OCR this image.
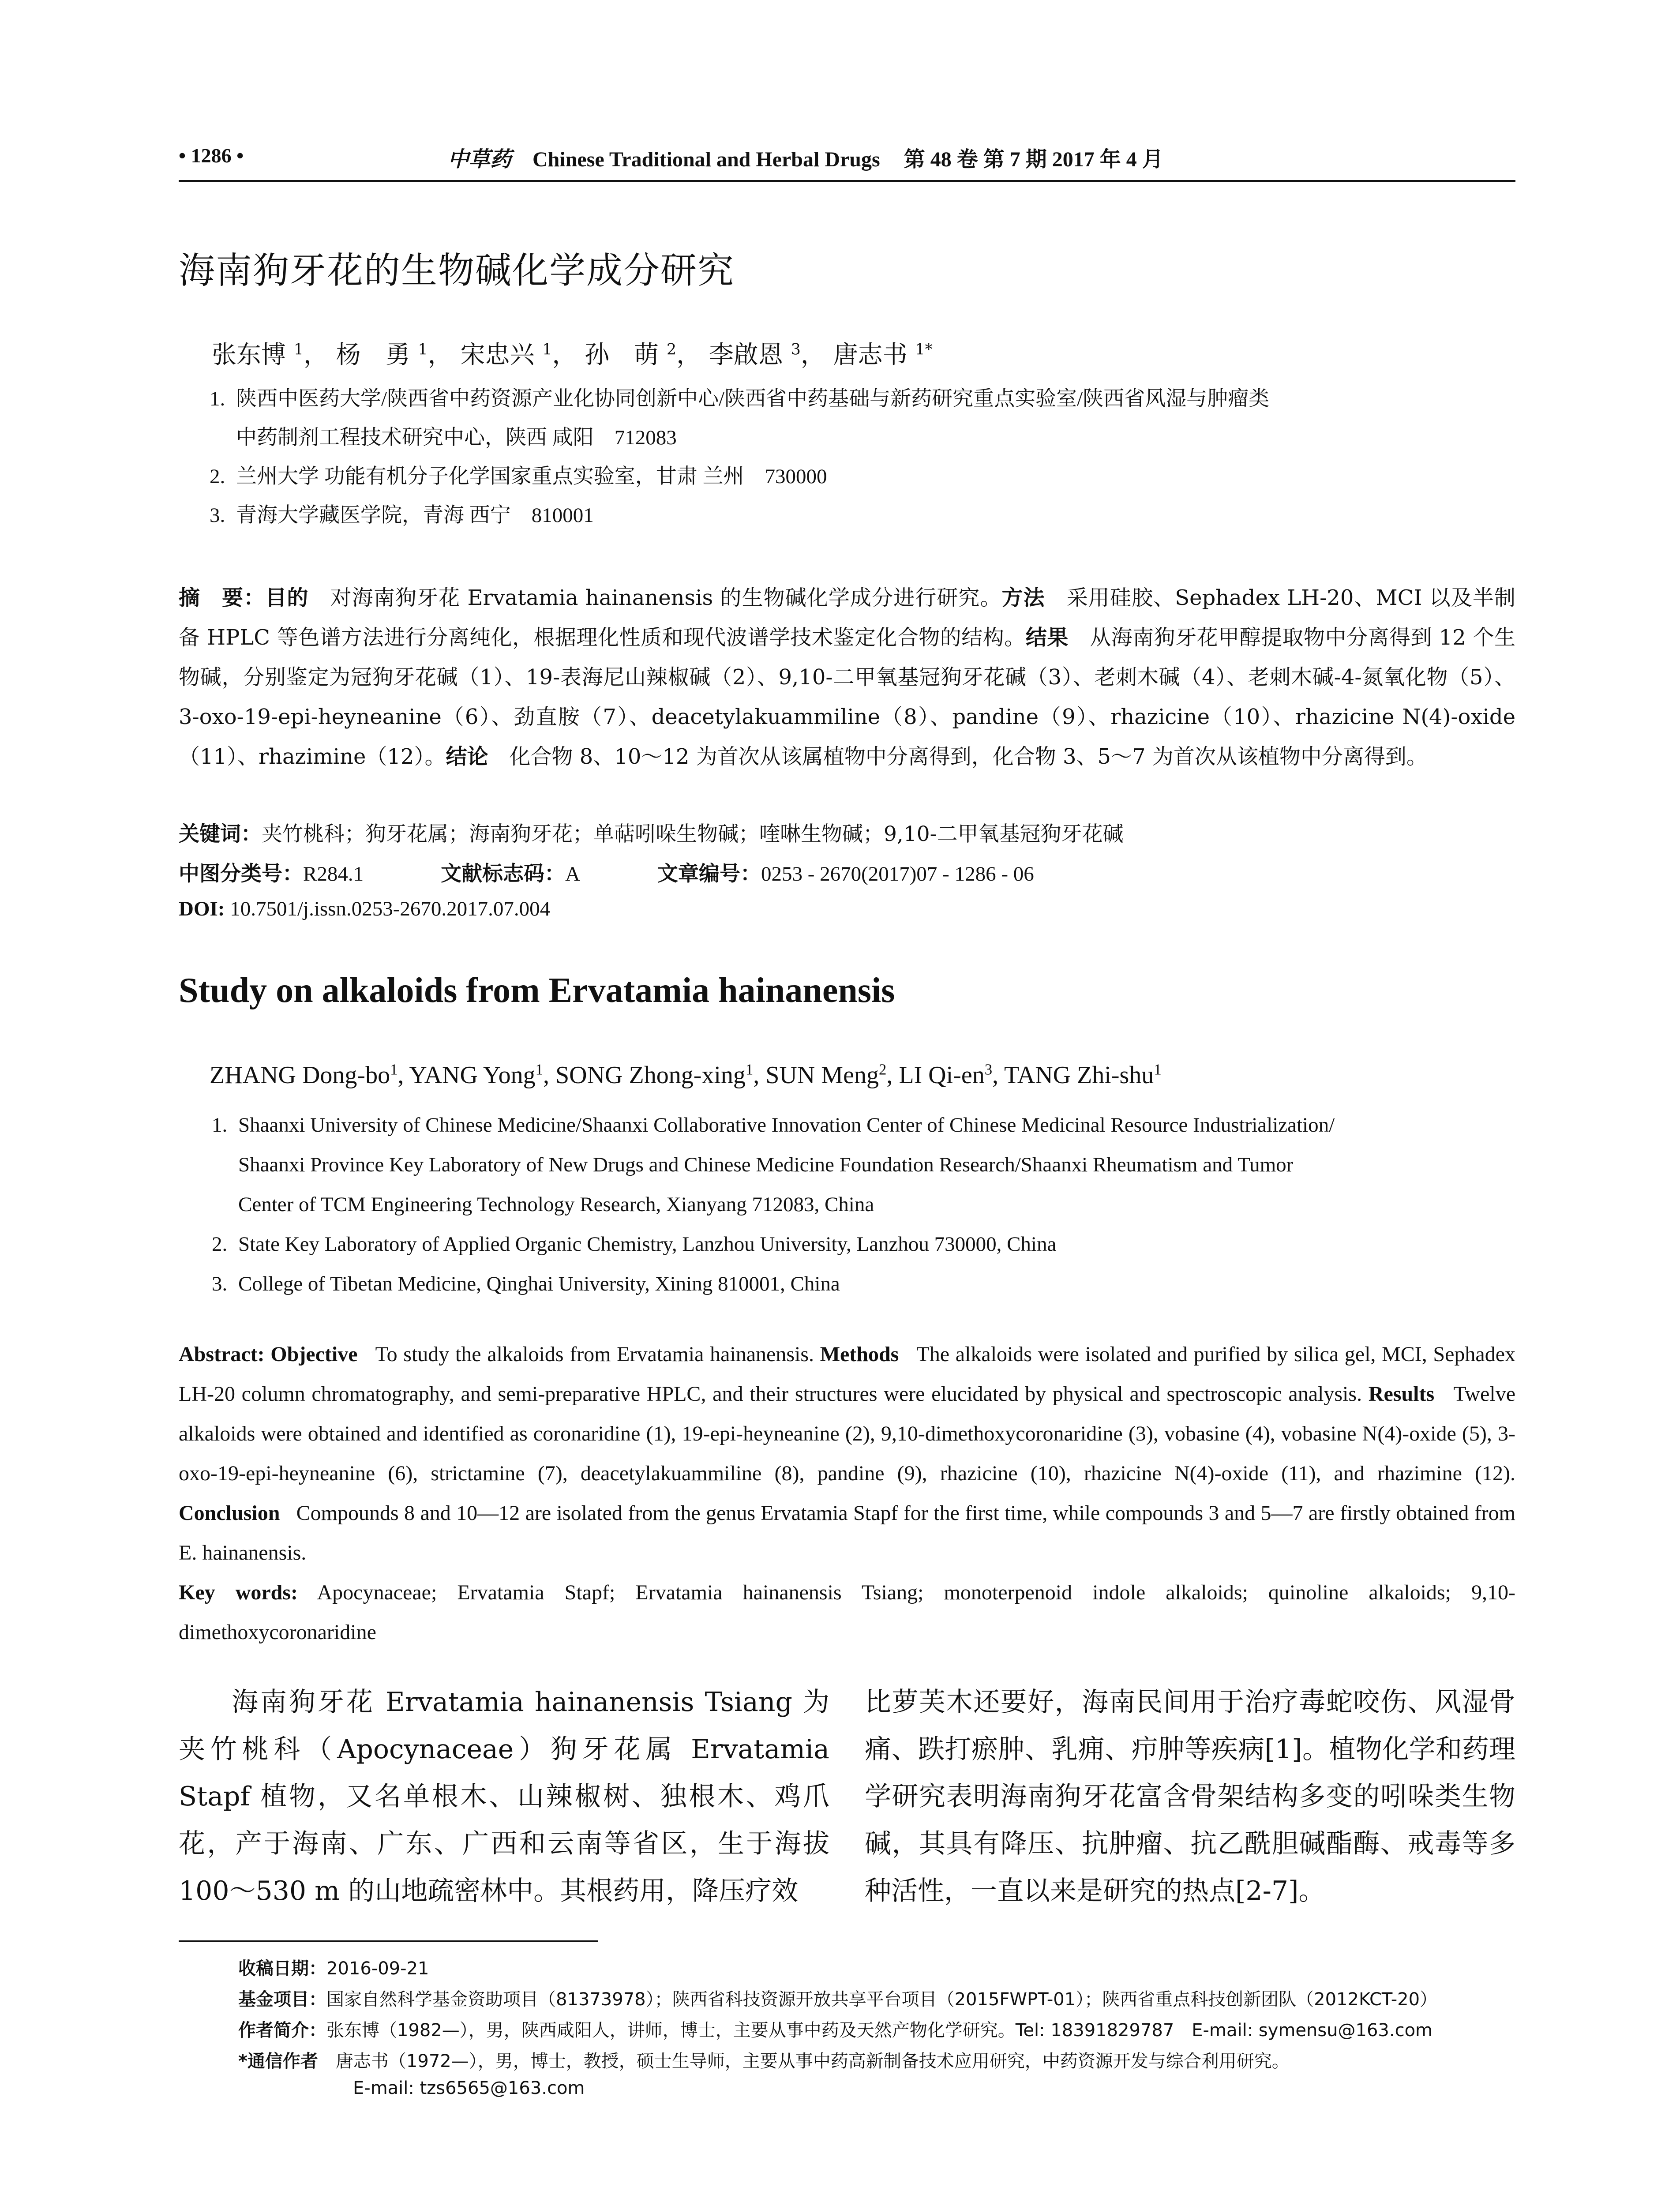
• 1286 •	中草药 Chinese Traditional and Herbal Drugs 第 48 卷 第 7 期 2017 年 4 月
海南狗牙花的生物碱化学成分研究
张东博 $^1$， 杨　勇 $^1$， 宋忠兴 $^1$， 孙　萌 $^2$， 李啟恩 $^3$， 唐志书 $^{1*}$
1. 陕西中医药大学/陕西省中药资源产业化协同创新中心/陕西省中药基础与新药研究重点实验室/陕西省风湿与肿瘤类
中药制剂工程技术研究中心，陕西 咸阳　712083
2. 兰州大学 功能有机分子化学国家重点实验室，甘肃 兰州　730000
3. 青海大学藏医学院，青海 西宁　810001
摘　要：目的　 对海南狗牙花 Ervatamia hainanensis 的生物碱化学成分进行研究。方法　 采用硅胶、Sephadex LH-20、MCI 以及半制备 HPLC 等色谱方法进行分离纯化，根据理化性质和现代波谱学技术鉴定化合物的结构。结果　 从海南狗牙花甲醇提取物中分离得到 12 个生物碱，分别鉴定为冠狗牙花碱（1）、19-表海尼山辣椒碱（2）、9,10-二甲氧基冠狗牙花碱（3）、老刺木碱（4）、老刺木碱-4-氮氧化物（5）、3-oxo-19-epi-heyneanine（6）、劲直胺（7）、deacetylakuammiline（8）、pandine（9）、rhazicine（10）、rhazicine N(4)-oxide（11）、rhazimine（12）。结论　 化合物 8、10～12 为首次从该属植物中分离得到，化合物 3、5～7 为首次从该植物中分离得到。
关键词：夹竹桃科；狗牙花属；海南狗牙花；单萜吲哚生物碱；喹啉生物碱；9,10-二甲氧基冠狗牙花碱
中图分类号：R284.1	文献标志码：A	文章编号：0253 - 2670(2017)07 - 1286 - 06
DOI: 10.7501/j.issn.0253-2670.2017.07.004
Study on alkaloids from Ervatamia hainanensis
ZHANG Dong-$bo^1$, YANG Yong$^1$, SONG Zhong-xing$^1$, SUN Meng$^2$, LI $Qi-en^3$, TANG Zhi-shu$^1$
1. Shaanxi University of Chinese Medicine/Shaanxi Collaborative Innovation Center of Chinese Medicinal Resource Industrialization/
Shaanxi Province Key Laboratory of New Drugs and Chinese Medicine Foundation Research/Shaanxi Rheumatism and Tumor
Center of TCM Engineering Technology Research, Xianyang 712083, China
2. State Key Laboratory of Applied Organic Chemistry, Lanzhou University, Lanzhou 730000, China
3. College of Tibetan Medicine, Qinghai University, Xining 810001, China
Abstract: Objective To study the alkaloids from Ervatamia hainanensis. Methods The alkaloids were isolated and purified by silica gel, MCI, Sephadex LH-20 column chromatography, and semi-preparative HPLC, and their structures were elucidated by physical and spectroscopic analysis. Results Twelve alkaloids were obtained and identified as coronaridine (1), 19-epi-heyneanine (2), 9,10-dimethoxycoronaridine (3), vobasine (4), vobasine N(4)-oxide (5), 3-oxo-19-epi-heyneanine (6), strictamine (7), deacetylakuammiline (8), pandine (9), rhazicine (10), rhazicine N(4)-oxide (11), and rhazimine (12). Conclusion Compounds 8 and 10—12 are isolated from the genus Ervatamia Stapf for the first time, while compounds 3 and 5—7 are firstly obtained from E. hainanensis.
Key words: Apocynaceae; Ervatamia Stapf; Ervatamia hainanensis Tsiang; monoterpenoid indole alkaloids; quinoline alkaloids; 9,10-dimethoxycoronaridine
海南狗牙花 Ervatamia hainanensis Tsiang 为夹竹桃科（Apocynaceae）狗牙花属 Ervatamia Stapf 植物，又名单根木、山辣椒树、独根木、鸡爪花，产于海南、广东、广西和云南等省区，生于海拔 100～530 m 的山地疏密林中。其根药用，降压疗效
比萝芙木还要好，海南民间用于治疗毒蛇咬伤、风湿骨痛、跌打瘀肿、乳痈、疖肿等疾病[1]。植物化学和药理学研究表明海南狗牙花富含骨架结构多变的吲哚类生物碱，其具有降压、抗肿瘤、抗乙酰胆碱酯酶、戒毒等多种活性，一直以来是研究的热点[2-7]。
收稿日期：2016-09-21
基金项目：国家自然科学基金资助项目（81373978）；陕西省科技资源开放共享平台项目（2015FWPT-01）；陕西省重点科技创新团队（2012KCT-20）
作者简介：张东博（1982—），男，陕西咸阳人，讲师，博士，主要从事中药及天然产物化学研究。Tel: 18391829787　E-mail: symensu@163.com
*通信作者 唐志书（1972—），男，博士，教授，硕士生导师，主要从事中药高新制备技术应用研究，中药资源开发与综合利用研究。
E-mail: tzs6565@163.com
